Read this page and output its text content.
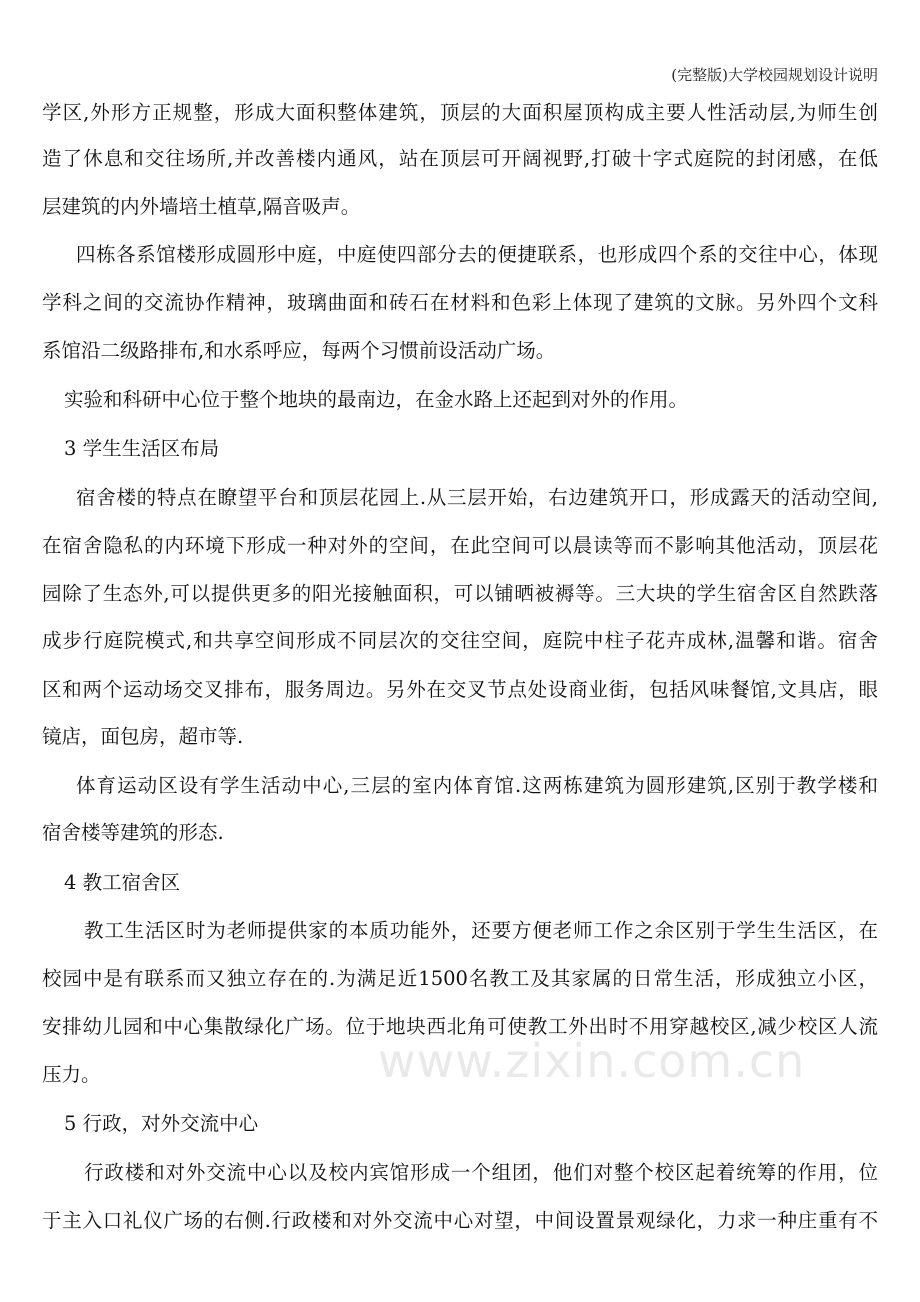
(完整版)大学校园规划设计说明
www.zixin.com.cn
学区,外形方正规整，形成大面积整体建筑，顶层的大面积屋顶构成主要人性活动层,为师生创
造了休息和交往场所,并改善楼内通风，站在顶层可开阔视野,打破十字式庭院的封闭感，在低
层建筑的内外墙培土植草,隔音吸声。
四栋各系馆楼形成圆形中庭，中庭使四部分去的便捷联系，也形成四个系的交往中心，体现
学科之间的交流协作精神，玻璃曲面和砖石在材料和色彩上体现了建筑的文脉。另外四个文科
系馆沿二级路排布,和水系呼应，每两个习惯前设活动广场。
实验和科研中心位于整个地块的最南边，在金水路上还起到对外的作用。
3 学生生活区布局
宿舍楼的特点在瞭望平台和顶层花园上.从三层开始，右边建筑开口，形成露天的活动空间,
在宿舍隐私的内环境下形成一种对外的空间，在此空间可以晨读等而不影响其他活动，顶层花
园除了生态外,可以提供更多的阳光接触面积，可以铺晒被褥等。三大块的学生宿舍区自然跌落
成步行庭院模式,和共享空间形成不同层次的交往空间，庭院中柱子花卉成林,温馨和谐。宿舍
区和两个运动场交叉排布，服务周边。另外在交叉节点处设商业街，包括风味餐馆,文具店，眼
镜店，面包房，超市等.
体育运动区设有学生活动中心,三层的室内体育馆.这两栋建筑为圆形建筑,区别于教学楼和
宿舍楼等建筑的形态.
4 教工宿舍区
教工生活区时为老师提供家的本质功能外，还要方便老师工作之余区别于学生生活区，在
校园中是有联系而又独立存在的.为满足近1500名教工及其家属的日常生活，形成独立小区，
安排幼儿园和中心集散绿化广场。位于地块西北角可使教工外出时不用穿越校区,减少校区人流
压力。
5 行政，对外交流中心
行政楼和对外交流中心以及校内宾馆形成一个组团，他们对整个校区起着统筹的作用，位
于主入口礼仪广场的右侧.行政楼和对外交流中心对望，中间设置景观绿化，力求一种庄重有不
